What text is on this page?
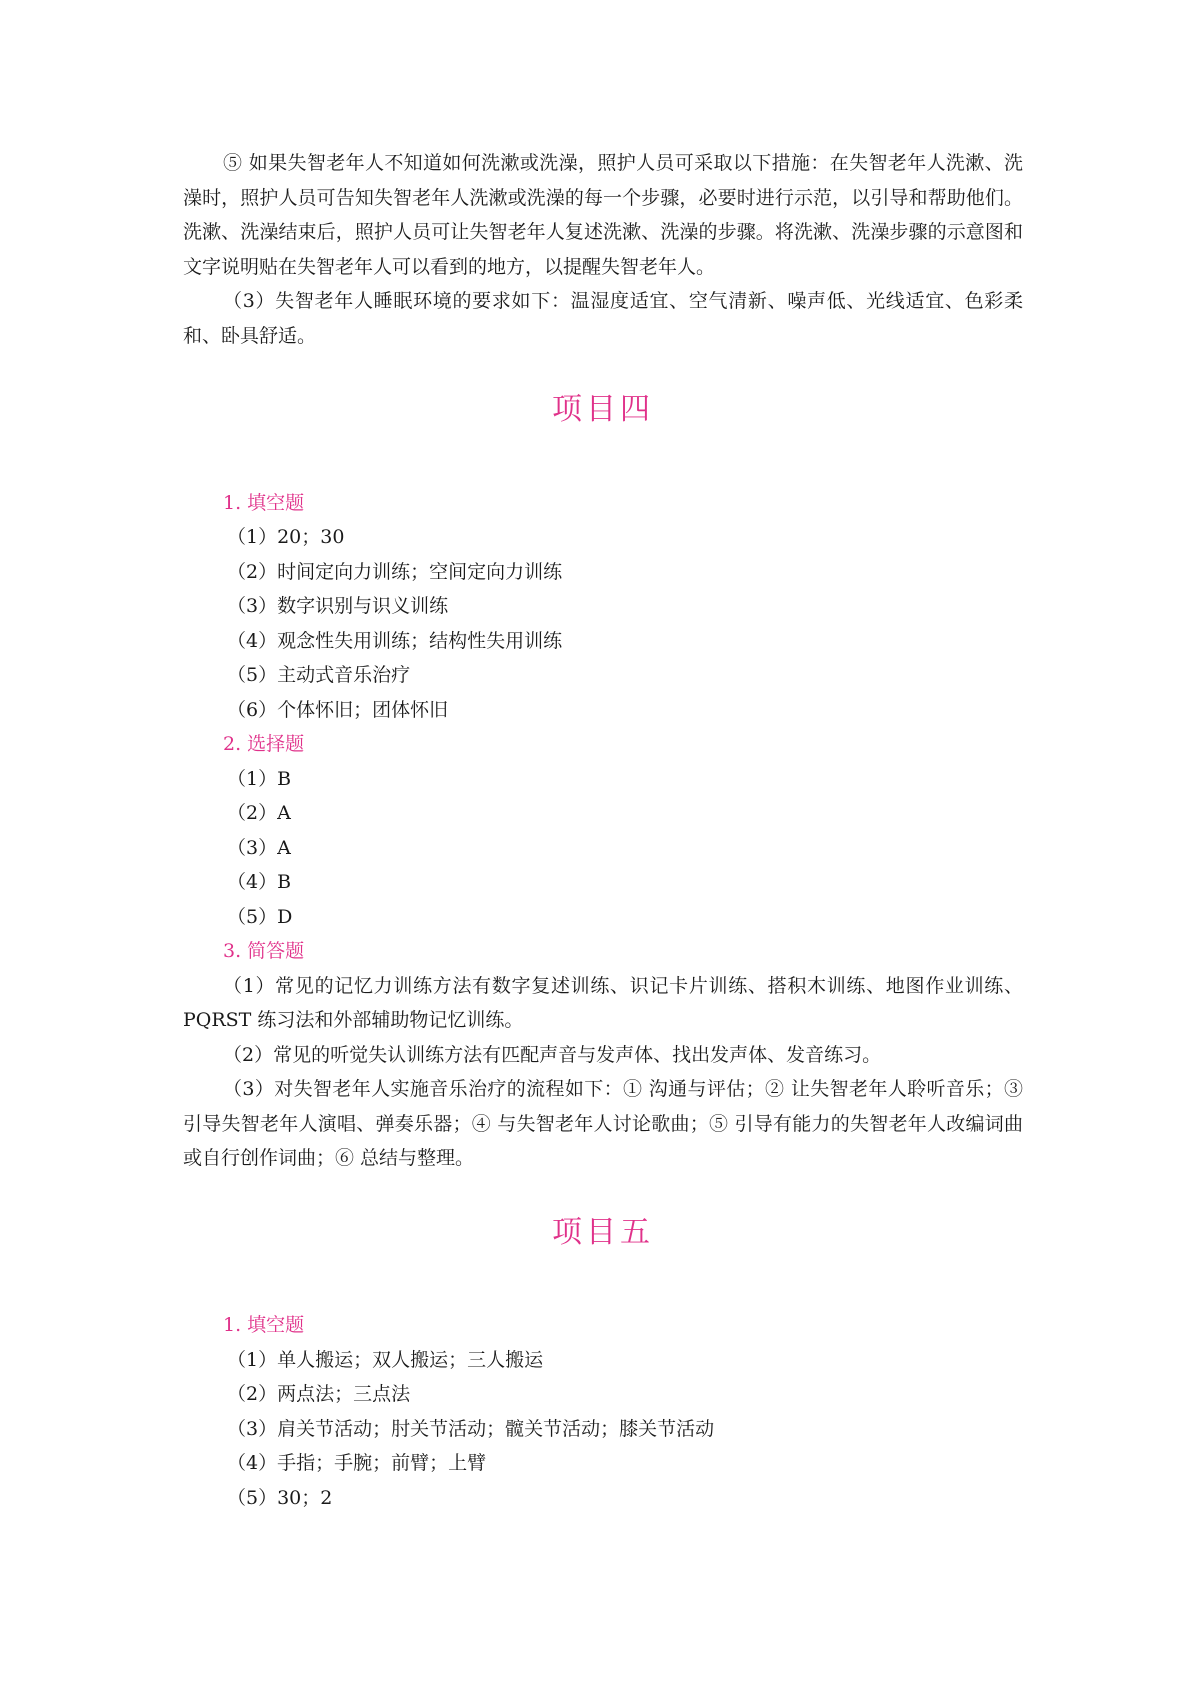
⑤ 如果失智老年人不知道如何洗漱或洗澡，照护人员可采取以下措施：在失智老年人洗漱、洗澡时，照护人员可告知失智老年人洗漱或洗澡的每一个步骤，必要时进行示范，以引导和帮助他们。洗漱、洗澡结束后，照护人员可让失智老年人复述洗漱、洗澡的步骤。将洗漱、洗澡步骤的示意图和文字说明贴在失智老年人可以看到的地方，以提醒失智老年人。

（3）失智老年人睡眠环境的要求如下：温湿度适宜、空气清新、噪声低、光线适宜、色彩柔和、卧具舒适。

项目四

1. 填空题

（1）20；30

（2）时间定向力训练；空间定向力训练

（3）数字识别与识义训练

（4）观念性失用训练；结构性失用训练

（5）主动式音乐治疗

（6）个体怀旧；团体怀旧

2. 选择题

（1）B

（2）A

（3）A

（4）B

（5）D

3. 简答题

（1）常见的记忆力训练方法有数字复述训练、识记卡片训练、搭积木训练、地图作业训练、PQRST 练习法和外部辅助物记忆训练。

（2）常见的听觉失认训练方法有匹配声音与发声体、找出发声体、发音练习。

（3）对失智老年人实施音乐治疗的流程如下：① 沟通与评估；② 让失智老年人聆听音乐；③ 引导失智老年人演唱、弹奏乐器；④ 与失智老年人讨论歌曲；⑤ 引导有能力的失智老年人改编词曲或自行创作词曲；⑥ 总结与整理。

项目五

1. 填空题

（1）单人搬运；双人搬运；三人搬运

（2）两点法；三点法

（3）肩关节活动；肘关节活动；髋关节活动；膝关节活动

（4）手指；手腕；前臂；上臂

（5）30；2
